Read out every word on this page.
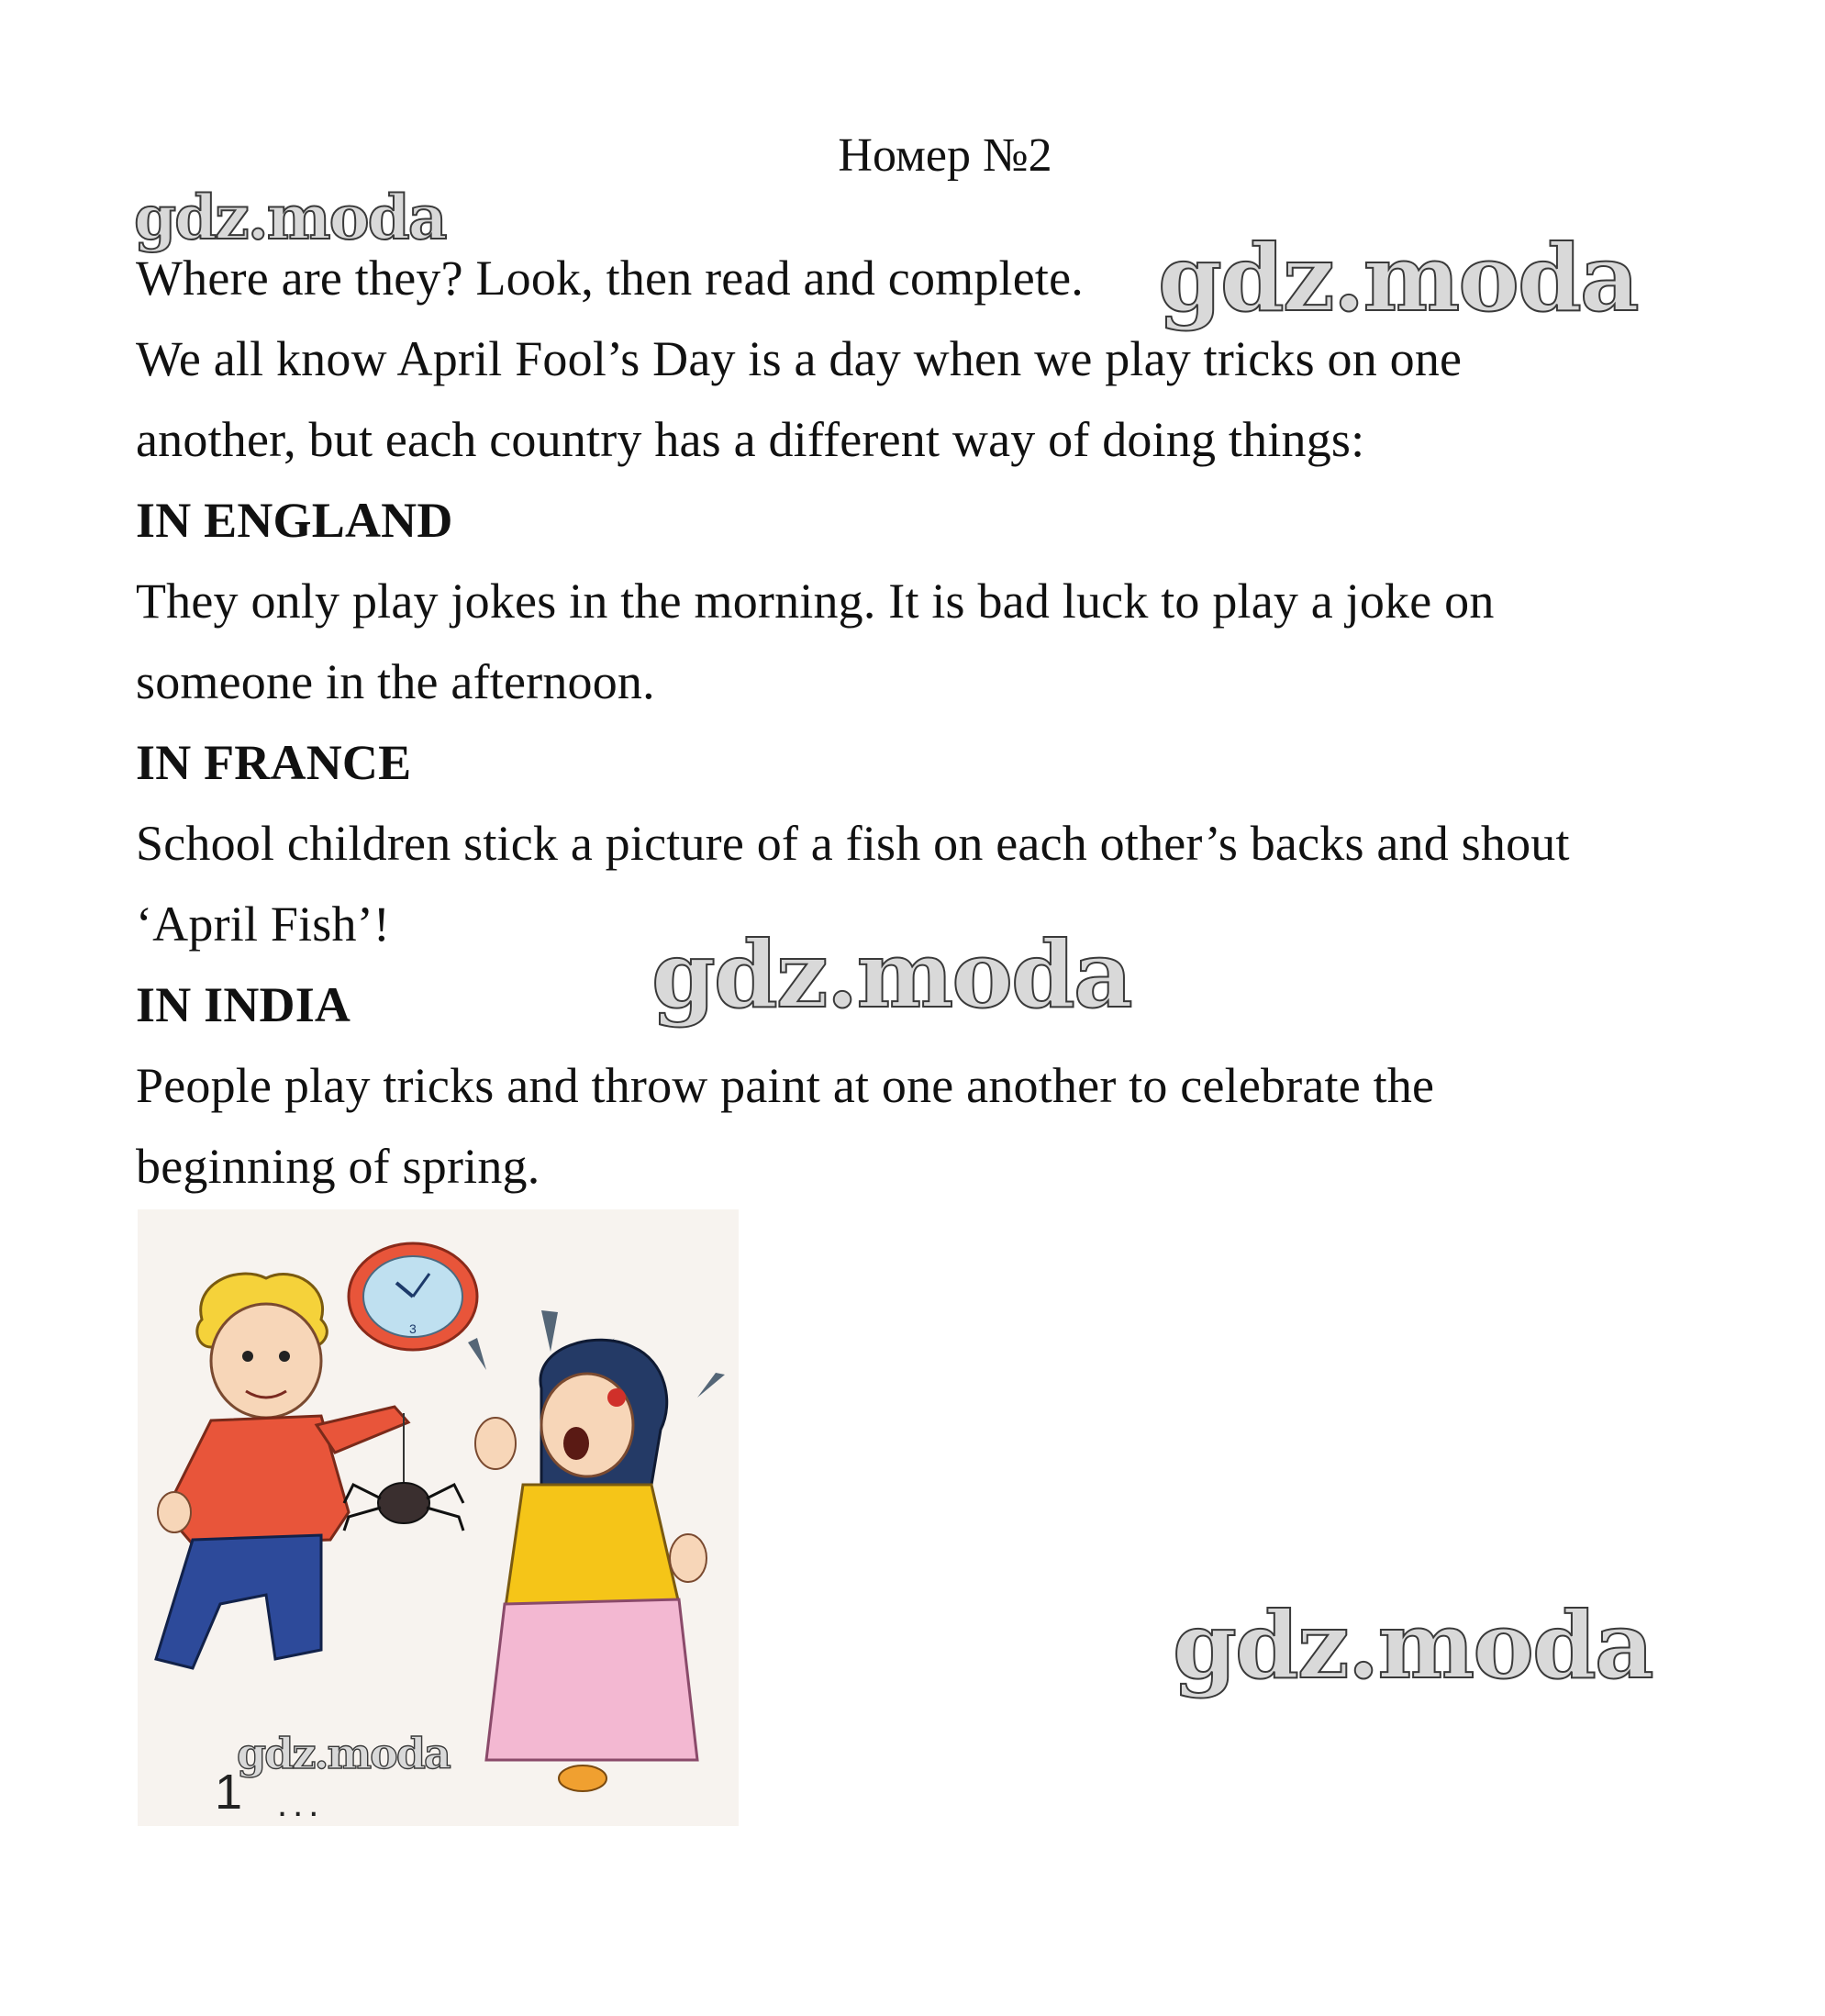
Номер №2
gdz.moda
gdz.moda
gdz.moda
gdz.moda
Where are they? Look, then read and complete.
We all know April Fool’s Day is a day when we play tricks on one
another, but each country has a different way of doing things:
IN ENGLAND
They only play jokes in the morning. It is bad luck to play a joke on
someone in the afternoon.
IN FRANCE
School children stick a picture of a fish on each other’s backs and shout
‘April Fish’!
IN INDIA
People play tricks and throw paint at one another to celebrate the
beginning of spring.
3
gdz.moda
1 ...
